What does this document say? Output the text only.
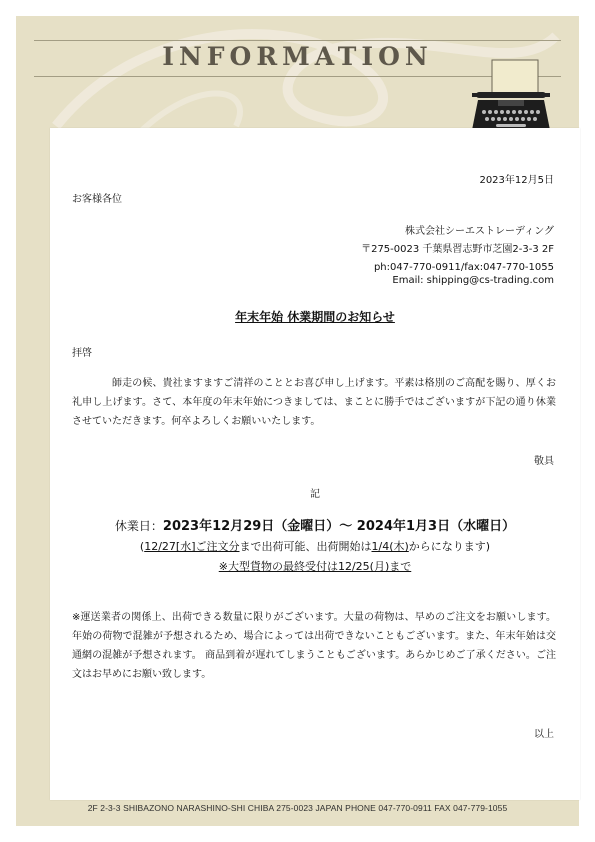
INFORMATION
2023年12月5日
お客様各位
株式会社シーエストレーディング
〒275-0023 千葉県習志野市芝園2-3-3 2F
ph:047-770-0911/fax:047-770-1055
Email: shipping@cs-trading.com
年末年始 休業期間のお知らせ
拝啓
師走の候、貴社ますますご清祥のこととお喜び申し上げます。平素は格別のご高配を賜り、厚くお礼申し上げます。さて、本年度の年末年始につきましては、まことに勝手ではございますが下記の通り休業させていただきます。何卒よろしくお願いいたします。
敬具
記
休業日：2023年12月29日（金曜日）～ 2024年1月3日（水曜日）
(12/27[水]ご注文分まで出荷可能、出荷開始は1/4(木)からになります)
※大型貨物の最終受付は12/25(月)まで
※運送業者の関係上、出荷できる数量に限りがございます。大量の荷物は、早めのご注文をお願いします。年始の荷物で混雑が予想されるため、場合によっては出荷できないこともございます。また、年末年始は交通網の混雑が予想されます。 商品到着が遅れてしまうこともございます。あらかじめご了承ください。ご注文はお早めにお願い致します。
以上
2F 2-3-3 SHIBAZONO NARASHINO-SHI CHIBA 275-0023 JAPAN PHONE 047-770-0911 FAX 047-779-1055
